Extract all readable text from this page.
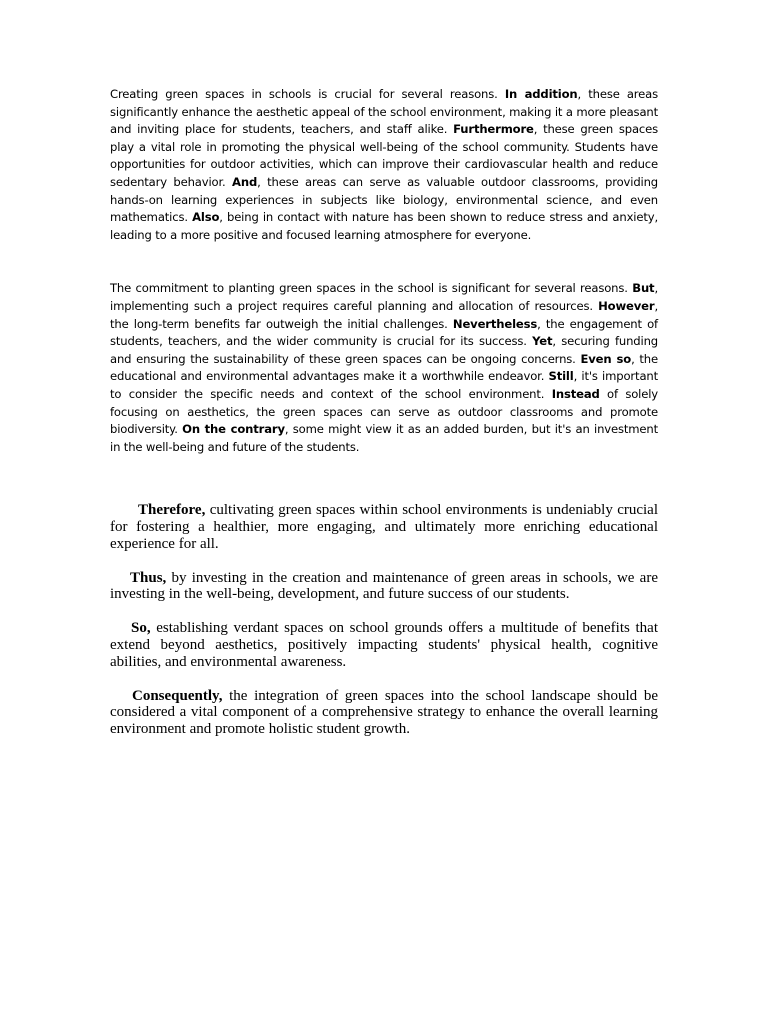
Creating green spaces in schools is crucial for several reasons. In addition, these areas significantly enhance the aesthetic appeal of the school environment, making it a more pleasant and inviting place for students, teachers, and staff alike. Furthermore, these green spaces play a vital role in promoting the physical well-being of the school community. Students have opportunities for outdoor activities, which can improve their cardiovascular health and reduce sedentary behavior. And, these areas can serve as valuable outdoor classrooms, providing hands-on learning experiences in subjects like biology, environmental science, and even mathematics. Also, being in contact with nature has been shown to reduce stress and anxiety, leading to a more positive and focused learning atmosphere for everyone.

The commitment to planting green spaces in the school is significant for several reasons. But, implementing such a project requires careful planning and allocation of resources. However, the long-term benefits far outweigh the initial challenges. Nevertheless, the engagement of students, teachers, and the wider community is crucial for its success. Yet, securing funding and ensuring the sustainability of these green spaces can be ongoing concerns. Even so, the educational and environmental advantages make it a worthwhile endeavor. Still, it's important to consider the specific needs and context of the school environment. Instead of solely focusing on aesthetics, the green spaces can serve as outdoor classrooms and promote biodiversity. On the contrary, some might view it as an added burden, but it's an investment in the well-being and future of the students.

Therefore, cultivating green spaces within school environments is undeniably crucial for fostering a healthier, more engaging, and ultimately more enriching educational experience for all.

Thus, by investing in the creation and maintenance of green areas in schools, we are investing in the well-being, development, and future success of our students.

So, establishing verdant spaces on school grounds offers a multitude of benefits that extend beyond aesthetics, positively impacting students' physical health, cognitive abilities, and environmental awareness.

Consequently, the integration of green spaces into the school landscape should be considered a vital component of a comprehensive strategy to enhance the overall learning environment and promote holistic student growth.
